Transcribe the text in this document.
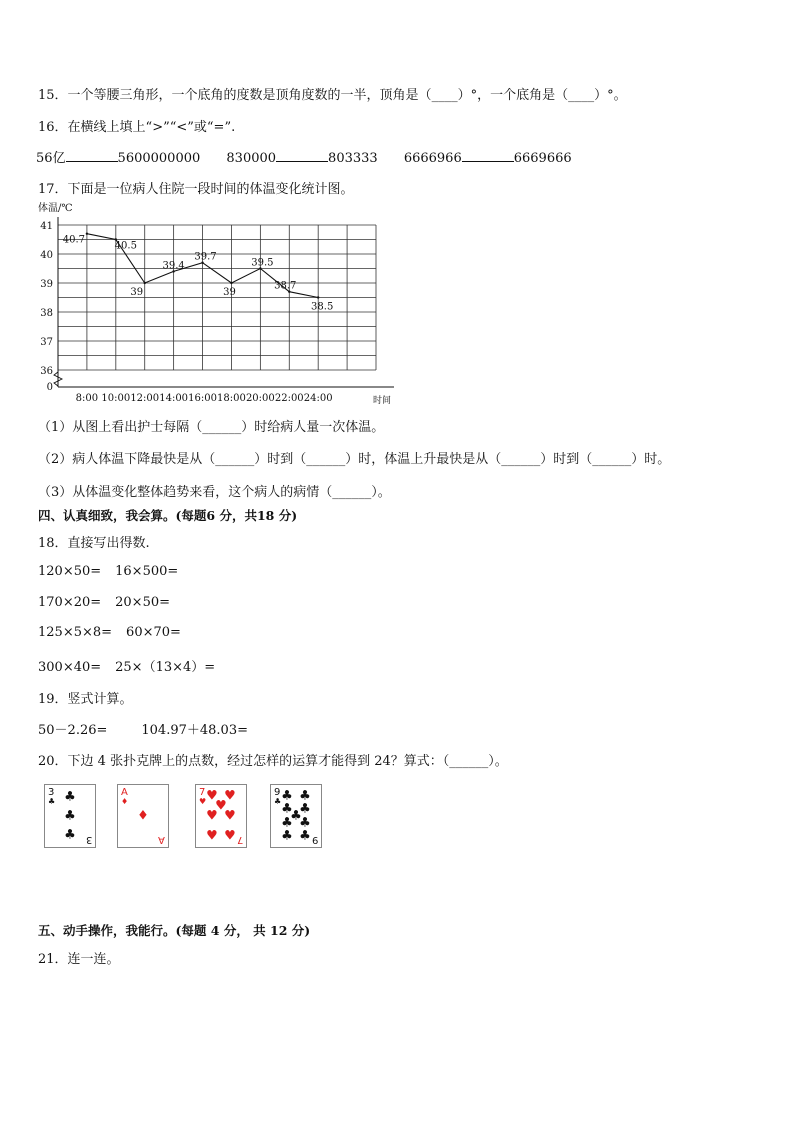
15．一个等腰三角形，一个底角的度数是顶角度数的一半，顶角是（____）°，一个底角是（____）°。
16．在横线上填上“>”“<”或“=”.
56亿	5600000000 830000	803333 6666966	6669666
17．下面是一位病人住院一段时间的体温变化统计图。
体温/℃
36
37
38
39
40
41
0
8:00 10:00 12:00 14:00 16:00 18:00 20:00 22:00 24:00	时间
40.7
40.5
39
39.4
39.7
39
39.5
38.7
38.5
（1）从图上看出护士每隔（______）时给病人量一次体温。
（2）病人体温下降最快是从（______）时到（______）时，体温上升最快是从（______）时到（______）时。
（3）从体温变化整体趋势来看，这个病人的病情（______）。
四、认真细致，我会算。(每题6 分，共18 分)
18．直接写出得数.
120×50= 16×500=
170×20= 20×50=
125×5×8= 60×70=
300×40= 25×（13×4）=
19．竖式计算。
50－2.26=	104.97＋48.03=
20．下边 4 张扑克牌上的点数，经过怎样的运算才能得到 24？算式：（______）。
3
♣ ♣
♣
♣ 3
A
♦
♦
A
7
♥ ♥ ♥
♥
♥ ♥
♥ ♥ 7
9
♣ ♣ ♣
♣ ♣
♣
♣ ♣
♣ ♣ 9
五、动手操作，我能行。(每题 4 分， 共 12 分)
21．连一连。
